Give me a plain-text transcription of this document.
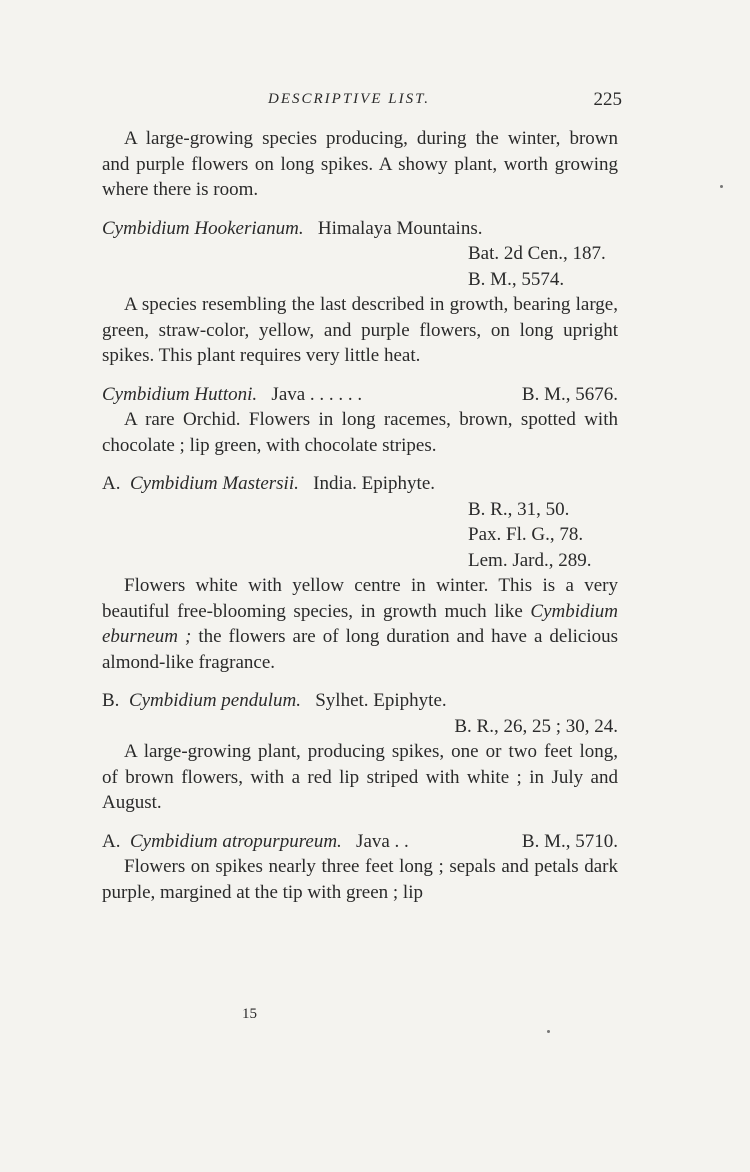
DESCRIPTIVE LIST.	225

A large-growing species producing, during the winter, brown and purple flowers on long spikes. A showy plant, worth growing where there is room.

Cymbidium Hookerianum. Himalaya Mountains.

Bat. 2d Cen., 187.

B. M., 5574.

A species resembling the last described in growth, bearing large, green, straw-color, yellow, and purple flowers, on long upright spikes. This plant requires very little heat.

Cymbidium Huttoni. Java . . . . . .	B. M., 5676.

A rare Orchid. Flowers in long racemes, brown, spotted with chocolate ; lip green, with chocolate stripes.

A. Cymbidium Mastersii. India. Epiphyte.

B. R., 31, 50.

Pax. Fl. G., 78.

Lem. Jard., 289.

Flowers white with yellow centre in winter. This is a very beautiful free-blooming species, in growth much like Cymbidium eburneum ; the flowers are of long duration and have a delicious almond-like fragrance.

B. Cymbidium pendulum. Sylhet. Epiphyte.

B. R., 26, 25 ; 30, 24.

A large-growing plant, producing spikes, one or two feet long, of brown flowers, with a red lip striped with white ; in July and August.

A. Cymbidium atropurpureum. Java . .	B. M., 5710.

Flowers on spikes nearly three feet long ; sepals and petals dark purple, margined at the tip with green ; lip

15
